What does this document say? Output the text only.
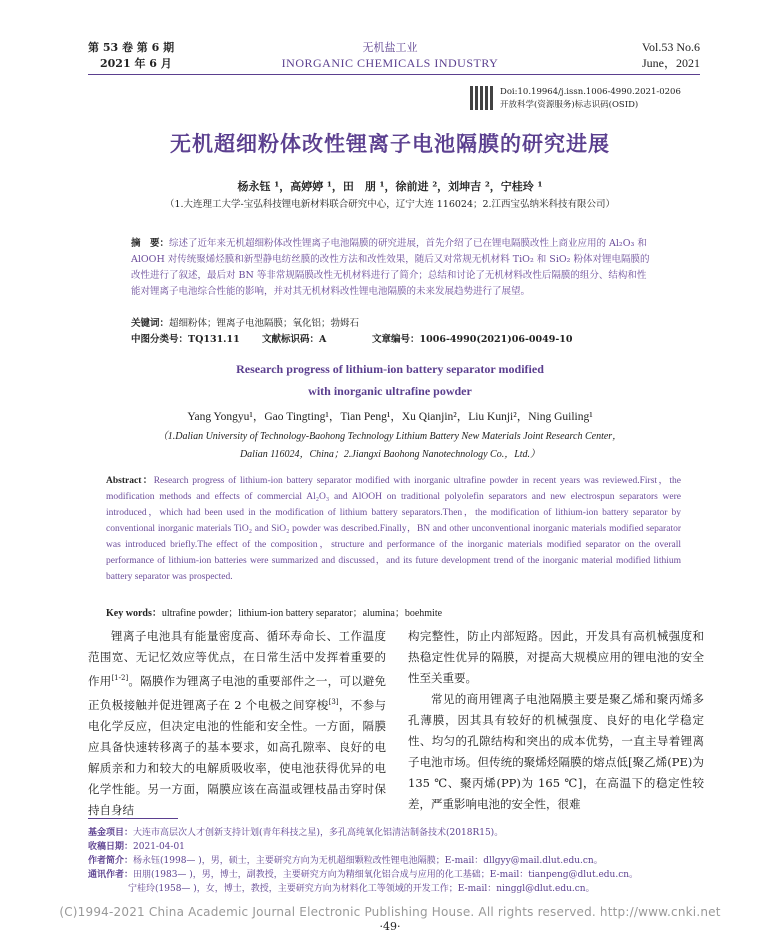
第 53 卷 第 6 期
2021 年 6 月
无机盐工业
INORGANIC CHEMICALS INDUSTRY
Vol.53 No.6
June，2021
Doi:10.19964/j.issn.1006-4990.2021-0206
开放科学(资源服务)标志识码(OSID)
无机超细粉体改性锂离子电池隔膜的研究进展
杨永钰 ¹，高婷婷 ¹，田　朋 ¹，徐前进 ²，刘坤吉 ²，宁桂玲 ¹
（1.大连理工大学-宝弘科技锂电新材料联合研究中心，辽宁大连 116024；2.江西宝弘纳米科技有限公司）
摘　要：综述了近年来无机超细粉体改性锂离子电池隔膜的研究进展，首先介绍了已在锂电隔膜改性上商业应用的 Al₂O₃ 和 AlOOH 对传统聚烯烃膜和新型静电纺丝膜的改性方法和改性效果，随后又对常规无机材料 TiO₂ 和 SiO₂ 粉体对锂电隔膜的改性进行了叙述，最后对 BN 等非常规隔膜改性无机材料进行了简介；总结和讨论了无机材料改性后隔膜的组分、结构和性能对锂离子电池综合性能的影响，并对其无机材料改性锂电池隔膜的未来发展趋势进行了展望。
关键词：超细粉体；锂离子电池隔膜；氧化铝；勃姆石
中图分类号：TQ131.11 文献标识码：A	文章编号：1006-4990(2021)06-0049-10
Research progress of lithium-ion battery separator modified
with inorganic ultrafine powder
Yang Yongyu¹，Gao Tingting¹，Tian Peng¹，Xu Qianjin²，Liu Kunji²，Ning Guiling¹
（1.Dalian University of Technology-Baohong Technology Lithium Battery New Materials Joint Research Center，
Dalian 116024，China；2.Jiangxi Baohong Nanotechnology Co.，Ltd.）
Abstract：Research progress of lithium-ion battery separator modified with inorganic ultrafine powder in recent years was reviewed.First，the modification methods and effects of commercial Al₂O₃ and AlOOH on traditional polyolefin separators and new electrospun separators were introduced，which had been used in the modification of lithium battery separators.Then，the modification of lithium-ion battery separator by conventional inorganic materials TiO₂ and SiO₂ powder was described.Finally，BN and other unconventional inorganic materials modified separator was introduced briefly.The effect of the composition，structure and performance of the inorganic materials modified separator on the overall performance of lithium-ion batteries were summarized and discussed，and its future development trend of the inorganic material modified lithium battery separator was prospected.
Key words：ultrafine powder；lithium-ion battery separator；alumina；boehmite

锂离子电池具有能量密度高、循环寿命长、工作温度范围宽、无记忆效应等优点，在日常生活中发挥着重要的作用[1-2]。隔膜作为锂离子电池的重要部件之一，可以避免正负极接触并促进锂离子在 2 个电极之间穿梭[3]，不参与电化学反应，但决定电池的性能和安全性。一方面，隔膜应具备快速转移离子的基本要求，如高孔隙率、良好的电解质亲和力和较大的电解质吸收率，使电池获得优异的电化学性能。另一方面，隔膜应该在高温或锂枝晶击穿时保持自身结

构完整性，防止内部短路。因此，开发具有高机械强度和热稳定性优异的隔膜，对提高大规模应用的锂电池的安全性至关重要。

常见的商用锂离子电池隔膜主要是聚乙烯和聚丙烯多孔薄膜，因其具有较好的机械强度、良好的电化学稳定性、均匀的孔隙结构和突出的成本优势，一直主导着锂离子电池市场。但传统的聚烯烃隔膜的熔点低[聚乙烯(PE)为 135 ℃、聚丙烯(PP)为 165 ℃]，在高温下的稳定性较差，严重影响电池的安全性，很难

基金项目：大连市高层次人才创新支持计划(青年科技之星)，多孔高纯氧化铝清洁制备技术(2018R15)。
收稿日期：2021-04-01
作者简介：杨永钰(1998— )，男，硕士，主要研究方向为无机超细颗粒改性锂电池隔膜；E-mail：dllgyy@mail.dlut.edu.cn。
通讯作者：田朋(1983— )，男，博士，副教授，主要研究方向为精细氧化铝合成与应用的化工基础；E-mail：tianpeng@dlut.edu.cn。
宁桂玲(1958— )，女，博士，教授，主要研究方向为材料化工等领域的开发工作；E-mail：ninggl@dlut.edu.cn。
(C)1994-2021 China Academic Journal Electronic Publishing House. All rights reserved. http://www.cnki.net
·49·
